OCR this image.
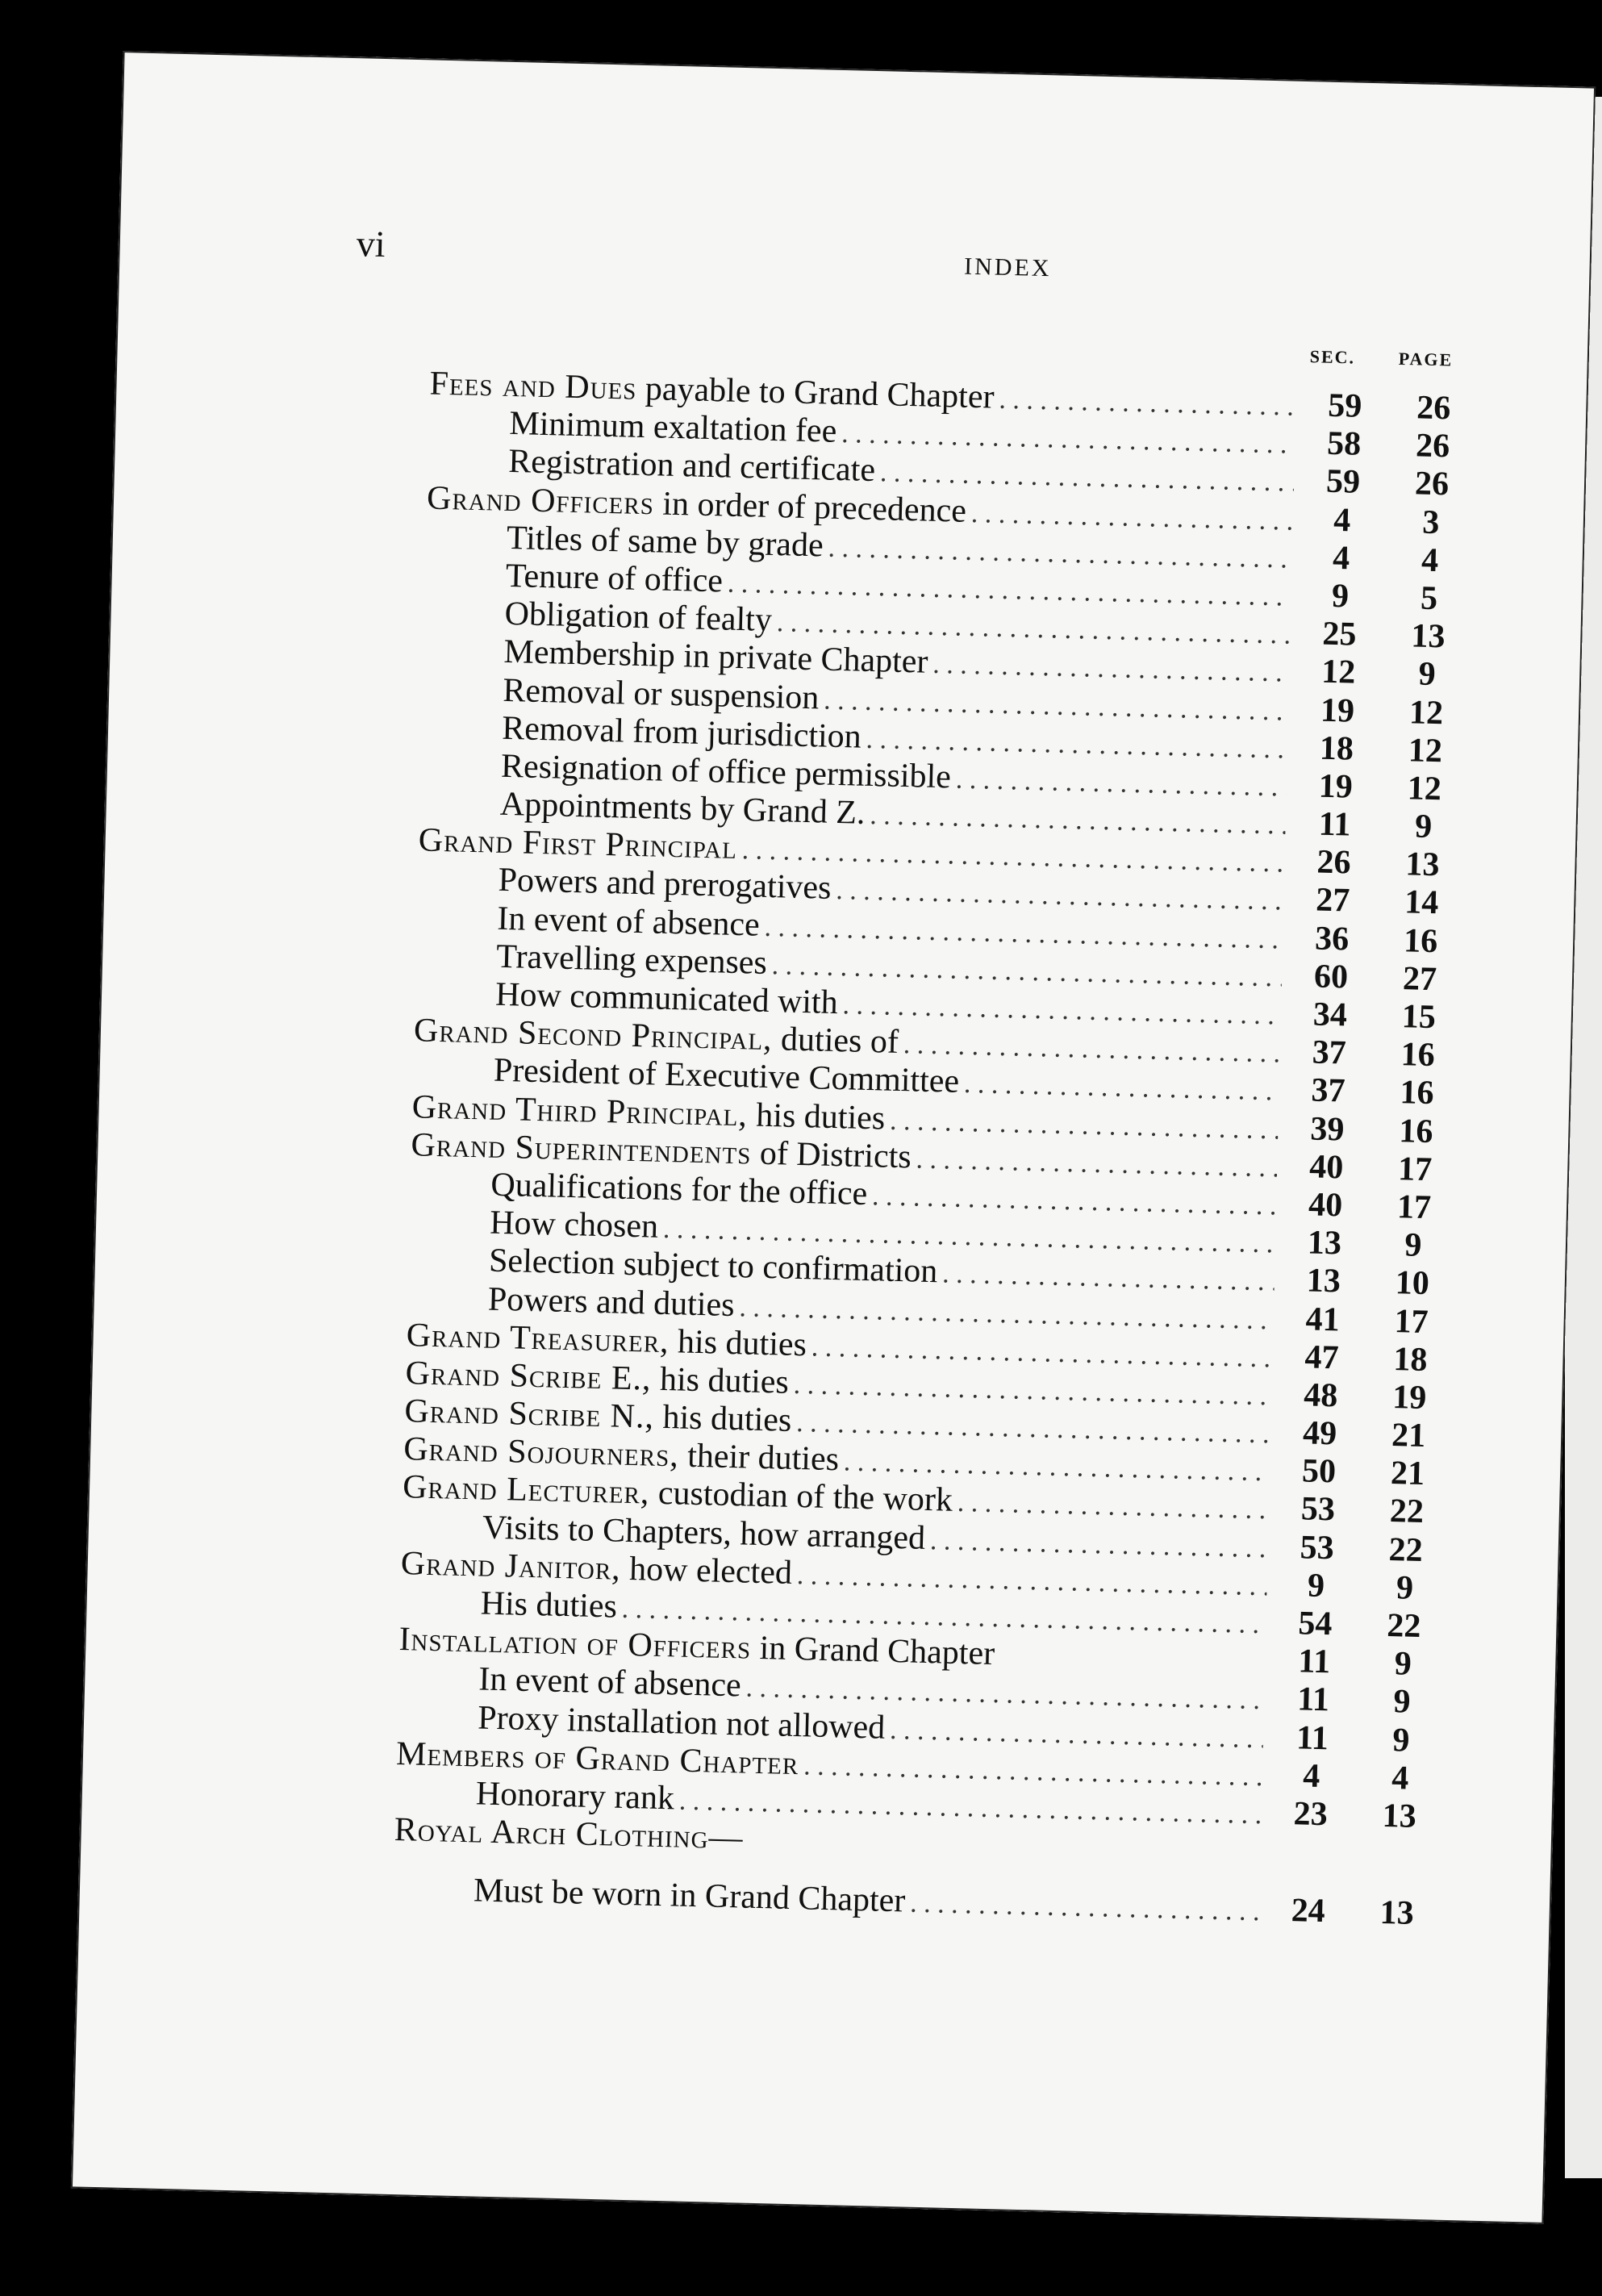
vi
INDEX
SEC. PAGE
Fees and Dues payable to Grand Chapter . . .	59	26
Minimum exaltation fee . . .	58	26
Registration and certificate . . .	59	26
Grand Officers in order of precedence . . .	4	3
Titles of same by grade . . .	4	4
Tenure of office . . .	9	5
Obligation of fealty . . .	25	13
Membership in private Chapter . . .	12	9
Removal or suspension . . .	19	12
Removal from jurisdiction . . .	18	12
Resignation of office permissible . . .	19	12
Appointments by Grand Z. . . .	11	9
Grand First Principal . . .	26	13
Powers and prerogatives . . .	27	14
In event of absence . . .	36	16
Travelling expenses . . .	60	27
How communicated with . . .	34	15
Grand Second Principal, duties of . . .	37	16
President of Executive Committee . . .	37	16
Grand Third Principal, his duties . . .	39	16
Grand Superintendents of Districts . . .	40	17
Qualifications for the office . . .	40	17
How chosen . . .	13	9
Selection subject to confirmation . . .	13	10
Powers and duties . . .	41	17
Grand Treasurer, his duties . . .	47	18
Grand Scribe E., his duties . . .	48	19
Grand Scribe N., his duties . . .	49	21
Grand Sojourners, their duties . . .	50	21
Grand Lecturer, custodian of the work . . .	53	22
Visits to Chapters, how arranged . . .	53	22
Grand Janitor, how elected . . .	9	9
His duties . . .	54	22
Installation of Officers in Grand Chapter	11	9
In event of absence . . .	11	9
Proxy installation not allowed . . .	11	9
Members of Grand Chapter . . .	4	4
Honorary rank . . .	23	13
Royal Arch Clothing—
Must be worn in Grand Chapter . . .	24	13
